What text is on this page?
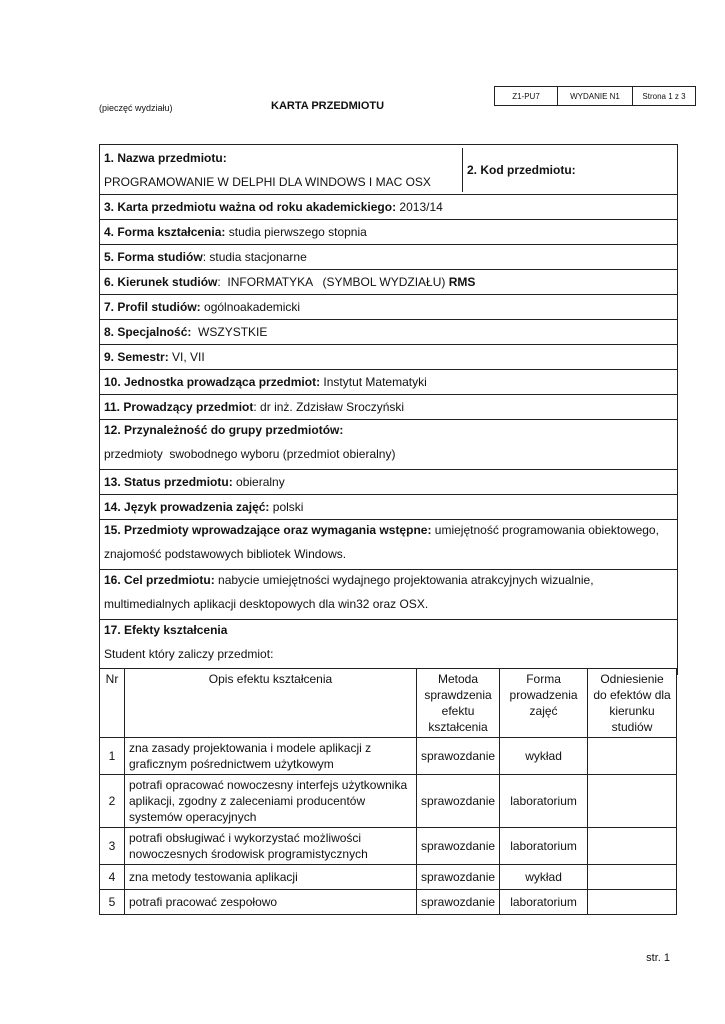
Z1-PU7	WYDANIE N1	Strona 1 z 3
(pieczęć wydziału)	KARTA PRZEDMIOTU
1. Nazwa przedmiotu:
PROGRAMOWANIE W DELPHI DLA WINDOWS I MAC OSX
2. Kod przedmiotu:
3. Karta przedmiotu ważna od roku akademickiego:
2013/14
4. Forma kształcenia:
studia pierwszego stopnia
5. Forma studiów : studia stacjonarne
6. Kierunek studiów :  INFORMATYKA   (SYMBOL WYDZIAŁU) RMS
7. Profil studiów:
ogólnoakademicki
8. Specjalność:
WSZYSTKIE
9. Semestr:
VI, VII
10. Jednostka prowadząca przedmiot:
Instytut Matematyki
11. Prowadzący przedmiot : dr inż. Zdzisław Sroczyński
12. Przynależność do grupy przedmiotów:
przedmioty  swobodnego wyboru (przedmiot obieralny)
13. Status przedmiotu:
obieralny
14. Język prowadzenia zajęć:
polski
15. Przedmioty wprowadzające oraz wymagania wstępne: umiejętność programowania obiektowego,
znajomość podstawowych bibliotek Windows.
16. Cel przedmiotu: nabycie umiejętności wydajnego projektowania atrakcyjnych wizualnie,
multimedialnych aplikacji desktopowych dla win32 oraz OSX.
17. Efekty kształcenia
Student który zaliczy przedmiot:
Nr	Opis efektu kształcenia	Metoda sprawdzenia efektu kształcenia	Forma prowadzenia zajęć	Odniesienie do efektów dla kierunku studiów
1	zna zasady projektowania i modele aplikacji z graficznym pośrednictwem użytkowym	sprawozdanie	wykład	
2	potrafi opracować nowoczesny interfejs użytkownika aplikacji, zgodny z zaleceniami producentów systemów operacyjnych	sprawozdanie	laboratorium	
3	potrafi obsługiwać i wykorzystać możliwości nowoczesnych środowisk programistycznych	sprawozdanie	laboratorium	
4	zna metody testowania aplikacji	sprawozdanie	wykład	
5	potrafi pracować zespołowo	sprawozdanie	laboratorium	
str. 1
